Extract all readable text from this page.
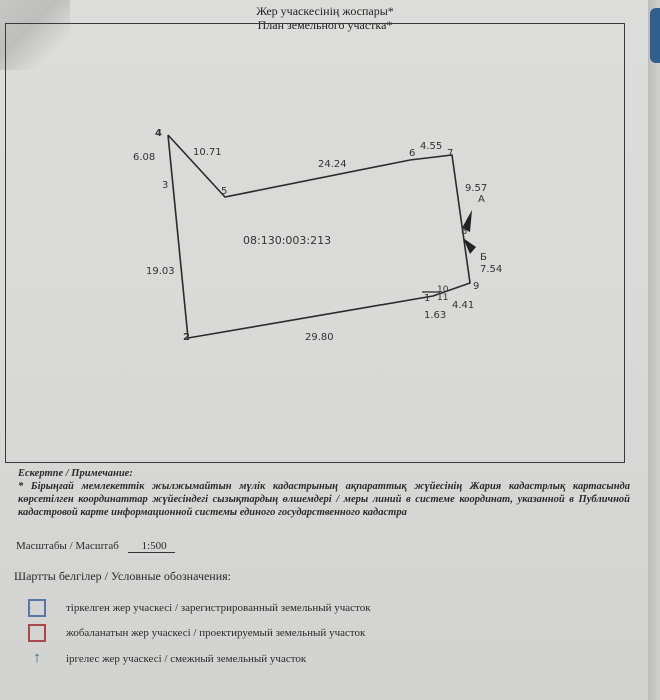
Жер учаскесінің жоспары*
План земельного участка*
4
3
5
6	7
8
9
10
11
1
2
6.08	10.71
24.24
4.55
9.57
А
Б
7.54
4.41
1.63
29.80
19.03
08:130:003:213
Ескертпе / Примечание:
* Бірыңғай мемлекеттік жылжымайтын мүлік кадастрының ақпараттық жүйесінің Жария кадастрлық картасында көрсетілген координаттар жүйесіндегі сызықтардың өлшемдері / меры линий в системе координат, указанной в Публичной кадастровой карте информационной системы единого государственного кадастра
Масштабы / Масштаб 1:500
Шартты белгілер / Условные обозначения:
тіркелген жер учаскесі / зарегистрированный земельный участок
жобаланатын жер учаскесі / проектируемый земельный участок
↑	іргелес жер учаскесі / смежный земельный участок
